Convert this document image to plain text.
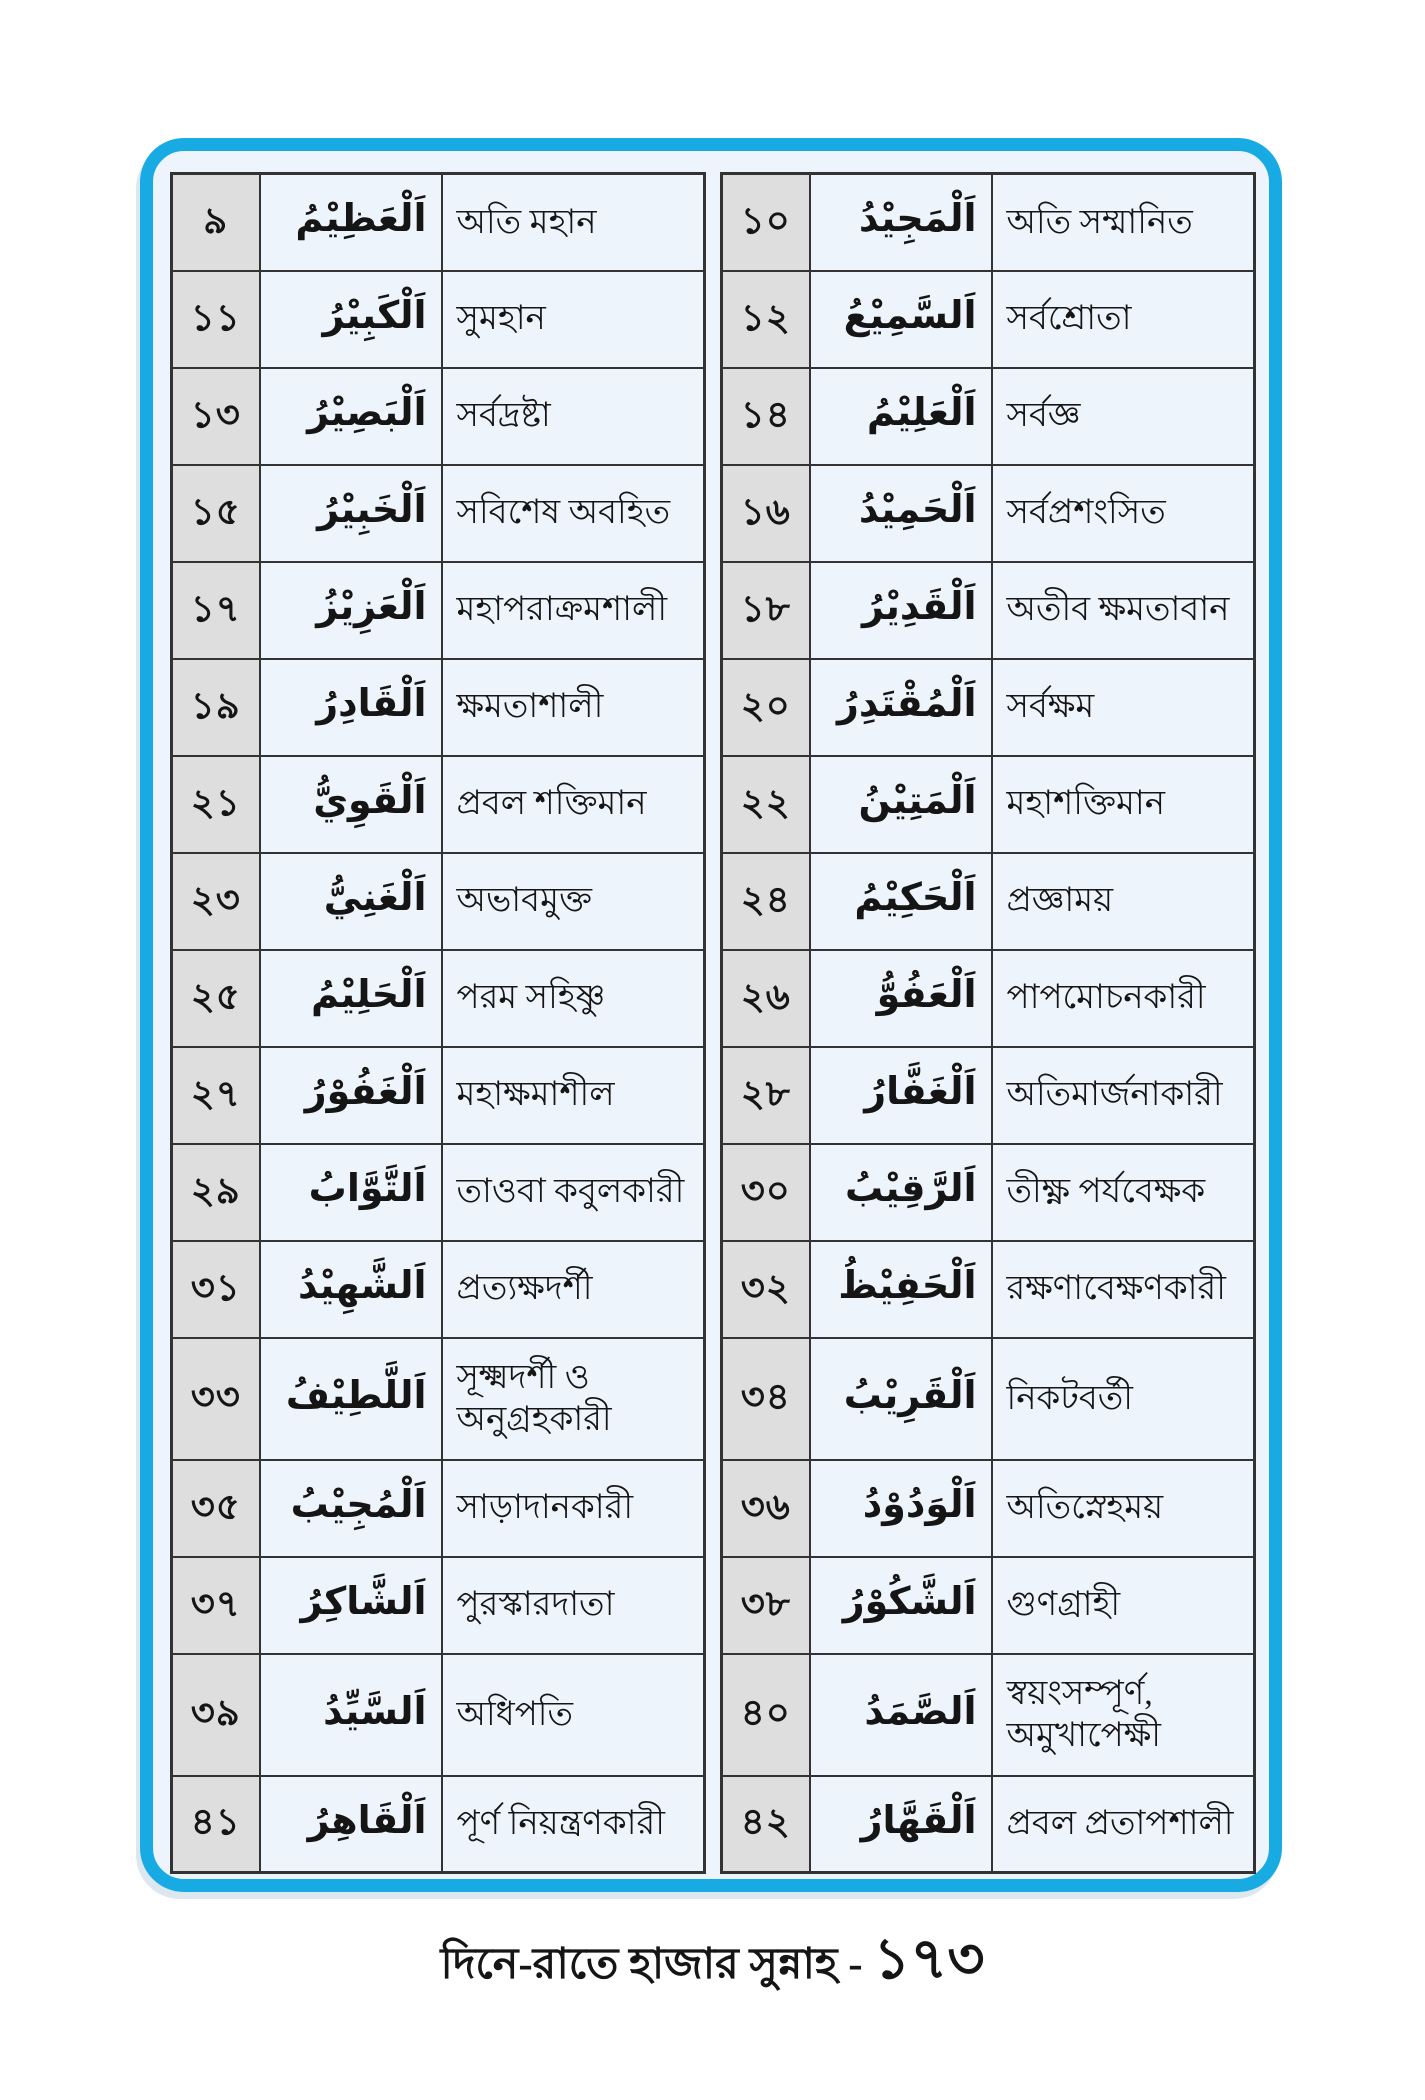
৯	اَلْعَظِيْمُ	অতি মহান
১১	اَلْكَبِيْرُ	সুমহান
১৩	اَلْبَصِيْرُ	সর্বদ্রষ্টা
১৫	اَلْخَبِيْرُ	সবিশেষ অবহিত
১৭	اَلْعَزِيْزُ	মহাপরাক্রমশালী
১৯	اَلْقَادِرُ	ক্ষমতাশালী
২১	اَلْقَوِيُّ	প্রবল শক্তিমান
২৩	اَلْغَنِيُّ	অভাবমুক্ত
২৫	اَلْحَلِيْمُ	পরম সহিষ্ণু
২৭	اَلْغَفُوْرُ	মহাক্ষমাশীল
২৯	اَلتَّوَّابُ	তাওবা কবুলকারী
৩১	اَلشَّهِيْدُ	প্রত্যক্ষদর্শী
৩৩	اَللَّطِيْفُ	সূক্ষ্মদর্শী ও অনুগ্রহকারী
৩৫	اَلْمُجِيْبُ	সাড়াদানকারী
৩৭	اَلشَّاكِرُ	পুরস্কারদাতা
৩৯	اَلسَّيِّدُ	অধিপতি
৪১	اَلْقَاهِرُ	পূর্ণ নিয়ন্ত্রণকারী
১০	اَلْمَجِيْدُ	অতি সম্মানিত
১২	اَلسَّمِيْعُ	সর্বশ্রোতা
১৪	اَلْعَلِيْمُ	সর্বজ্ঞ
১৬	اَلْحَمِيْدُ	সর্বপ্রশংসিত
১৮	اَلْقَدِيْرُ	অতীব ক্ষমতাবান
২০	اَلْمُقْتَدِرُ	সর্বক্ষম
২২	اَلْمَتِيْنُ	মহাশক্তিমান
২৪	اَلْحَكِيْمُ	প্রজ্ঞাময়
২৬	اَلْعَفُوُّ	পাপমোচনকারী
২৮	اَلْغَفَّارُ	অতিমার্জনাকারী
৩০	اَلرَّقِيْبُ	তীক্ষ্ণ পর্যবেক্ষক
৩২	اَلْحَفِيْظُ	রক্ষণাবেক্ষণকারী
৩৪	اَلْقَرِيْبُ	নিকটবর্তী
৩৬	اَلْوَدُوْدُ	অতিস্নেহময়
৩৮	اَلشَّكُوْرُ	গুণগ্রাহী
৪০	اَلصَّمَدُ	স্বয়ংসম্পূর্ণ, অমুখাপেক্ষী
৪২	اَلْقَهَّارُ	প্রবল প্রতাপশালী
দিনে-রাতে হাজার সুন্নাহ - ১৭৩
